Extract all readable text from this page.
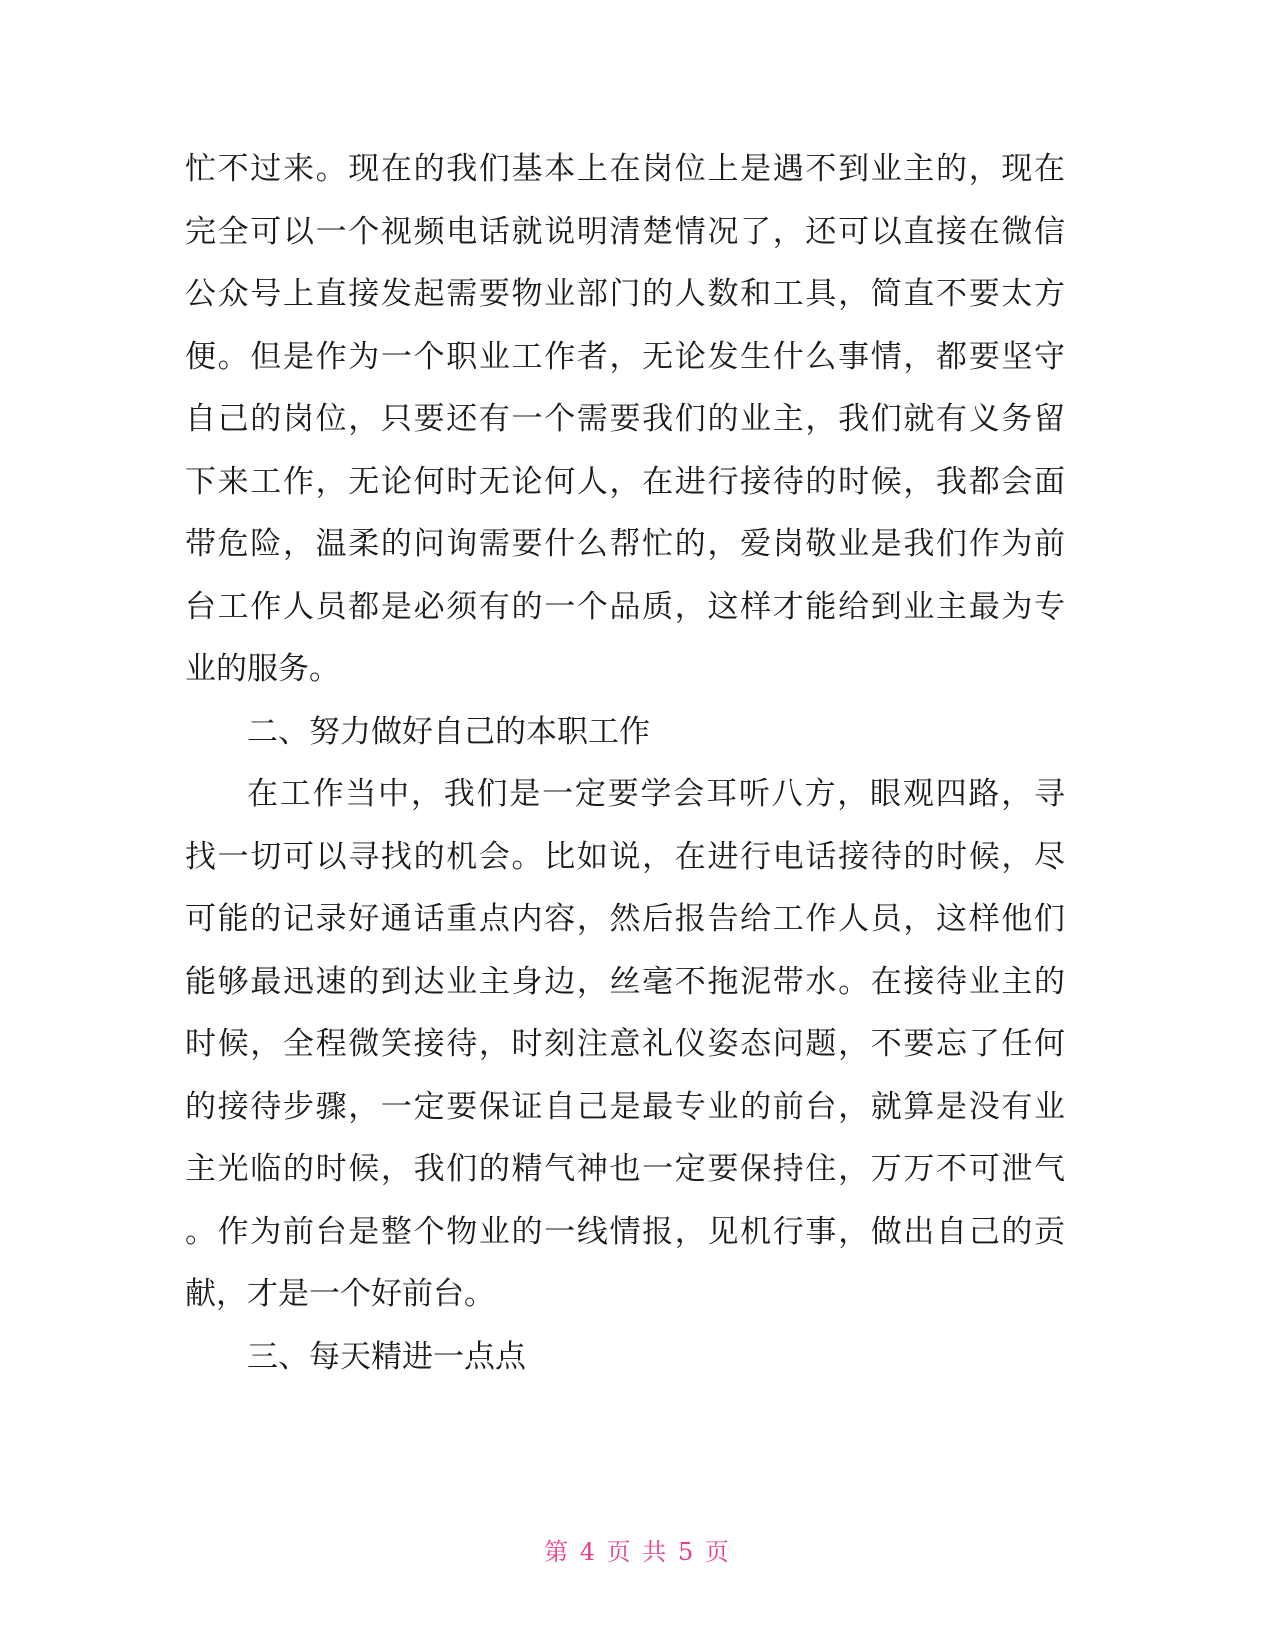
忙不过来。现在的我们基本上在岗位上是遇不到业主的，现在
完全可以一个视频电话就说明清楚情况了，还可以直接在微信
公众号上直接发起需要物业部门的人数和工具，简直不要太方
便。但是作为一个职业工作者，无论发生什么事情，都要坚守
自己的岗位，只要还有一个需要我们的业主，我们就有义务留
下来工作，无论何时无论何人，在进行接待的时候，我都会面
带危险，温柔的问询需要什么帮忙的，爱岗敬业是我们作为前
台工作人员都是必须有的一个品质，这样才能给到业主最为专
业的服务。
二、努力做好自己的本职工作
在工作当中，我们是一定要学会耳听八方，眼观四路，寻
找一切可以寻找的机会。比如说，在进行电话接待的时候，尽
可能的记录好通话重点内容，然后报告给工作人员，这样他们
能够最迅速的到达业主身边，丝毫不拖泥带水。在接待业主的
时候，全程微笑接待，时刻注意礼仪姿态问题，不要忘了任何
的接待步骤，一定要保证自己是最专业的前台，就算是没有业
主光临的时候，我们的精气神也一定要保持住，万万不可泄气
。作为前台是整个物业的一线情报，见机行事，做出自己的贡
献，才是一个好前台。
三、每天精进一点点
第 4 页 共 5 页
